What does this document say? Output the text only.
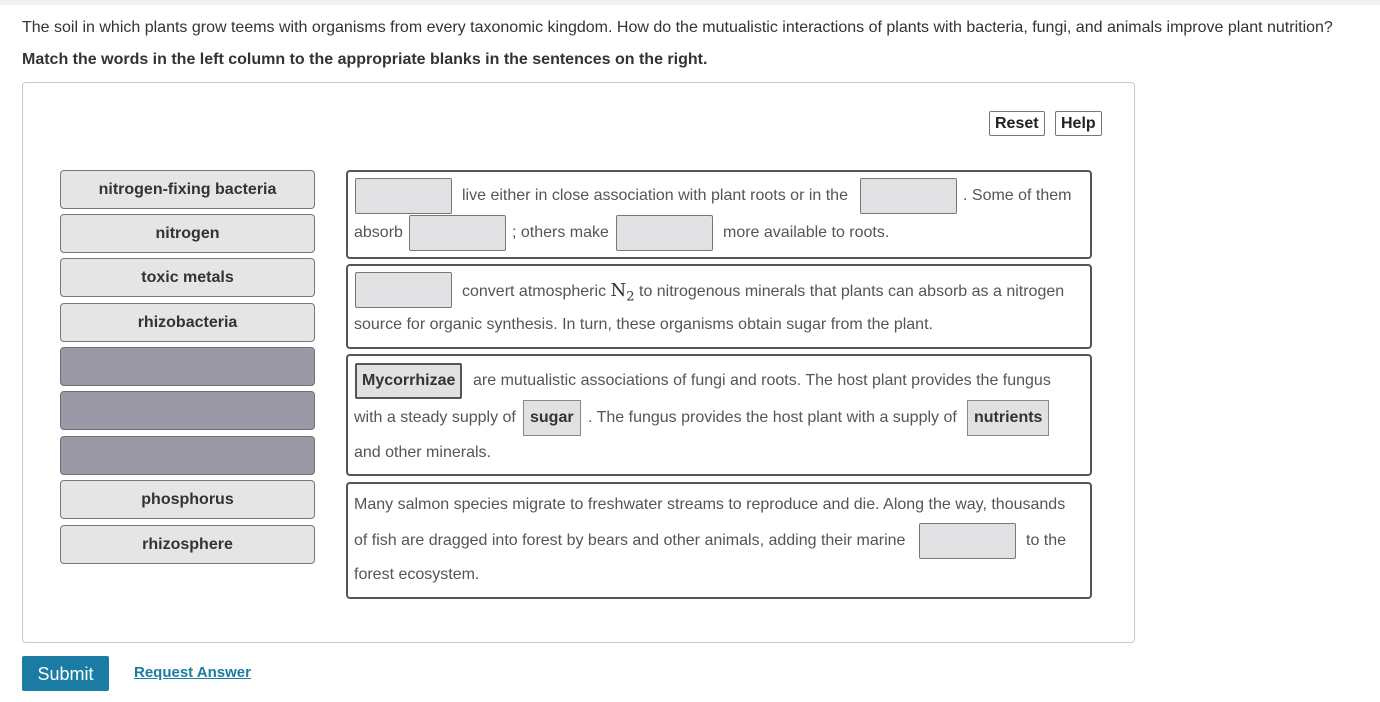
The soil in which plants grow teems with organisms from every taxonomic kingdom. How do the mutualistic interactions of plants with bacteria, fungi, and animals improve plant nutrition?
Match the words in the left column to the appropriate blanks in the sentences on the right.
Reset	Help
nitrogen-fixing bacteria
nitrogen
toxic metals
rhizobacteria
phosphorus
rhizosphere
live either in close association with plant roots or in the	. Some of them
absorb	; others make	more available to roots.
convert atmospheric $N_2$ to nitrogenous minerals that plants can absorb as a nitrogen
source for organic synthesis. In turn, these organisms obtain sugar from the plant.
Mycorrhizae	are mutualistic associations of fungi and roots. The host plant provides the fungus
with a steady supply of sugar . The fungus provides the host plant with a supply of	nutrients
and other minerals.
Many salmon species migrate to freshwater streams to reproduce and die. Along the way, thousands
of fish are dragged into forest by bears and other animals, adding their marine	to the
forest ecosystem.
Submit	Request Answer
